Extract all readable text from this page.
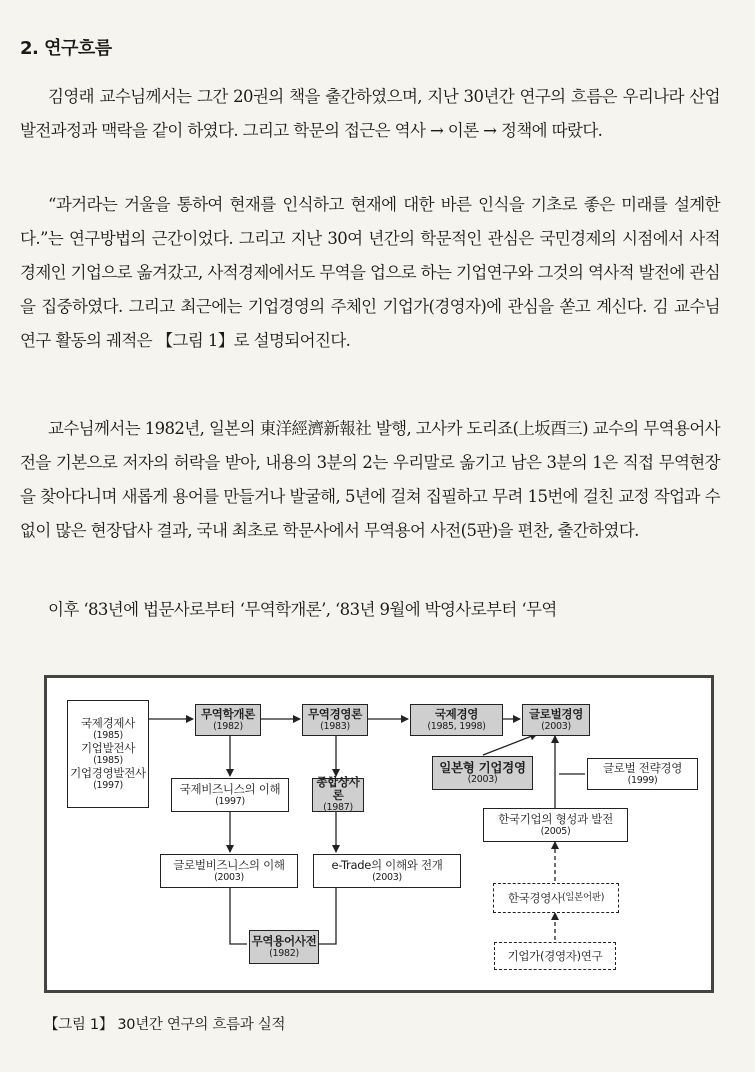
2. 연구흐름

김영래 교수님께서는 그간 20권의 책을 출간하였으며, 지난 30년간 연구의 흐름은 우리나라 산업발전과정과 맥락을 같이 하였다. 그리고 학문의 접근은 역사 → 이론 → 정책에 따랐다.

“과거라는 거울을 통하여 현재를 인식하고 현재에 대한 바른 인식을 기초로 좋은 미래를 설계한다.”는 연구방법의 근간이었다. 그리고 지난 30여 년간의 학문적인 관심은 국민경제의 시점에서 사적경제인 기업으로 옮겨갔고, 사적경제에서도 무역을 업으로 하는 기업연구와 그것의 역사적 발전에 관심을 집중하였다. 그리고 최근에는 기업경영의 주체인 기업가(경영자)에 관심을 쏟고 계신다. 김 교수님 연구 활동의 궤적은 【그림 1】로 설명되어진다.

교수님께서는 1982년, 일본의 東洋經濟新報社 발행, 고사카 도리죠(上坂酉三) 교수의 무역용어사전을 기본으로 저자의 허락을 받아, 내용의 3분의 2는 우리말로 옮기고 남은 3분의 1은 직접 무역현장을 찾아다니며 새롭게 용어를 만들거나 발굴해, 5년에 걸쳐 집필하고 무려 15번에 걸친 교정 작업과 수없이 많은 현장답사 결과, 국내 최초로 학문사에서 무역용어 사전(5판)을 편찬, 출간하였다.

이후 ‘83년에 법문사로부터 ‘무역학개론’, ‘83년 9월에 박영사로부터 ‘무역

국제경제사
(1985)
기업발전사
(1985)
기업경영발전사
(1997)
무역학개론
(1982)
무역경영론
(1983)
국제경영
(1985, 1998)
글로벌경영
(2003)
국제비즈니스의 이해
(1997)
종합상사론
(1987)
일본형 기업경영
(2003)
글로벌 전략경영
(1999)
한국기업의 형성과 발전
(2005)
글로벌비즈니스의 이해
(2003)
e-Trade의 이해와 전개
(2003)
한국경영사 (일본어판)
무역용어사전
(1982)	기업가(경영자)연구

【그림 1】 30년간 연구의 흐름과 실적
